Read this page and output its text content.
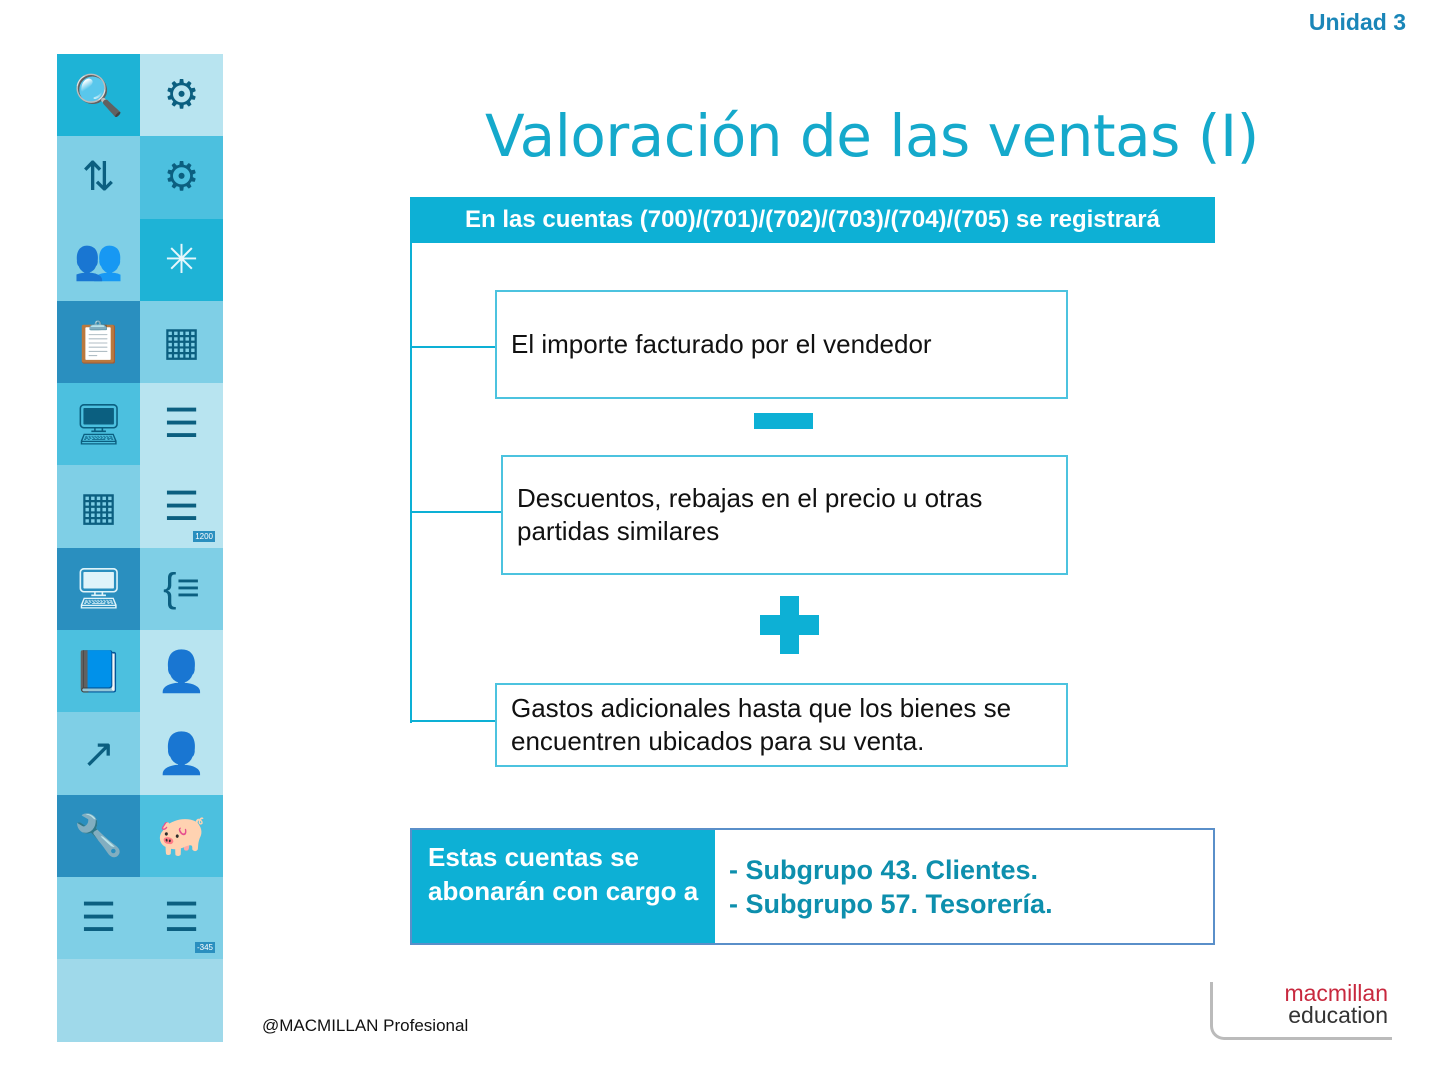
Unidad 3
🔍	⚙
⇅	⚙
👥	✳
📋 ▦
🖥 ☰
▦	☰
1200
🖥 {≡
📘 👤
↗	👤
🔧 🐖
☰	☰
-345
Valoración de las ventas (I)
En las cuentas (700)/(701)/(702)/(703)/(704)/(705) se registrará
El importe facturado por el vendedor
Descuentos, rebajas en el precio u otras partidas similares
Gastos adicionales hasta que los bienes se encuentren ubicados para su venta.
Estas cuentas se abonarán con cargo a
- Subgrupo 43. Clientes.
- Subgrupo 57. Tesorería.
@MACMILLAN Profesional
macmillan
education
